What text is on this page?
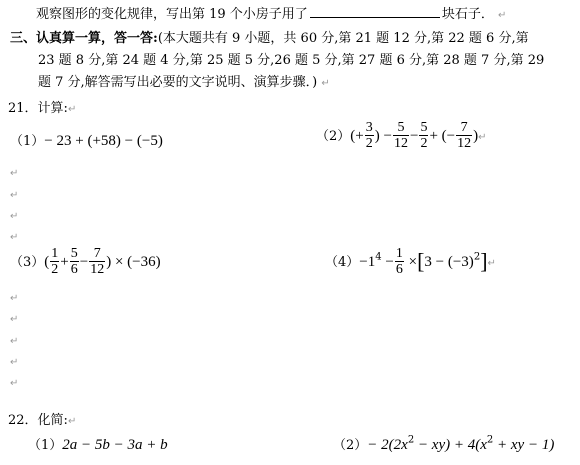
观察图形的变化规律，写出第 19 个小房子用了	块石子． ↵
三、认真算一算，答一答:(本大题共有 9 小题，共 60 分,第 21 题 12 分,第 22 题 6 分,第
23 题 8 分,第 24 题 4 分,第 25 题 5 分,26 题 5 分,第 27 题 6 分,第 28 题 7 分,第 29
题 7 分,解答需写出必要的文字说明、演算步骤．) ↵
21．计算:↵
（1）− 23 + (+58) − (−5)	$(2)(+ \frac{3}{2}$ ) − $\frac{5}{12} - \frac{5}{2}$ + (− $\frac{7}{12}$ )↵
↵
↵
↵
↵
$(3)( \frac{1}{2} + \frac{5}{6} - \frac{7}{12}$ ) × (−36)	$(4)-1^4 - \frac{1}{6} \times[3$ − $(-3)^2]↵$
↵
↵
↵
↵
↵
22．化简:↵
（1）2a − 5b − 3a + b	$(2)- 2(2x^2 - xy) + 4(x^2$ + xy − 1)
